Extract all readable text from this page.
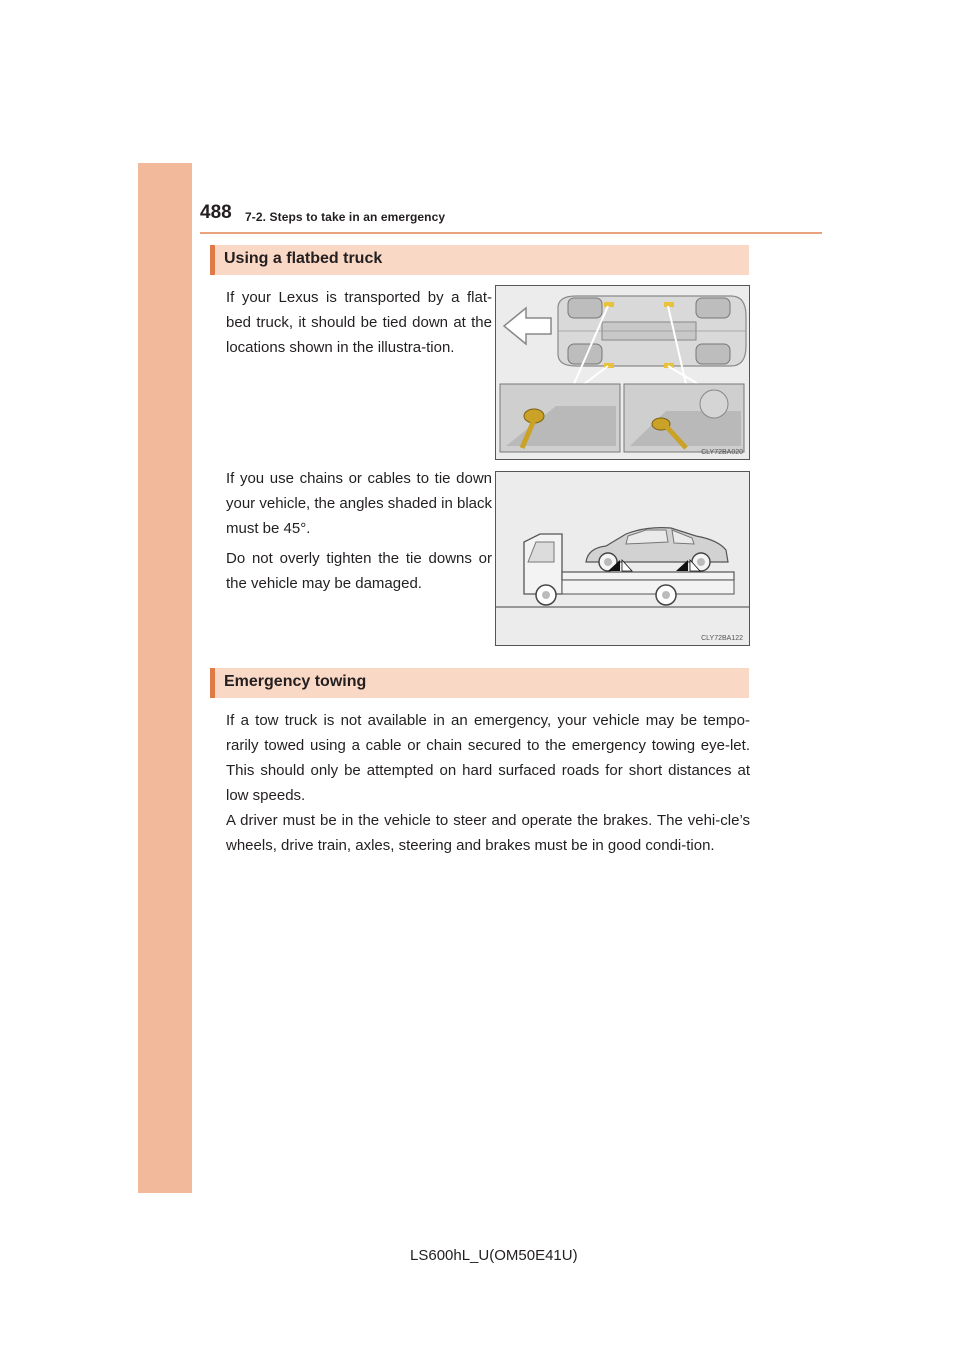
488 7-2. Steps to take in an emergency
Using a flatbed truck
If your Lexus is transported by a flat-bed truck, it should be tied down at the locations shown in the illustra-tion.
CLY72BA020
If you use chains or cables to tie down your vehicle, the angles shaded in black must be 45°.
Do not overly tighten the tie downs or the vehicle may be damaged.
CLY72BA122
Emergency towing
If a tow truck is not available in an emergency, your vehicle may be tempo-rarily towed using a cable or chain secured to the emergency towing eye-let. This should only be attempted on hard surfaced roads for short distances at low speeds.
A driver must be in the vehicle to steer and operate the brakes. The vehi-cle’s wheels, drive train, axles, steering and brakes must be in good condi-tion.
LS600hL_U(OM50E41U)
